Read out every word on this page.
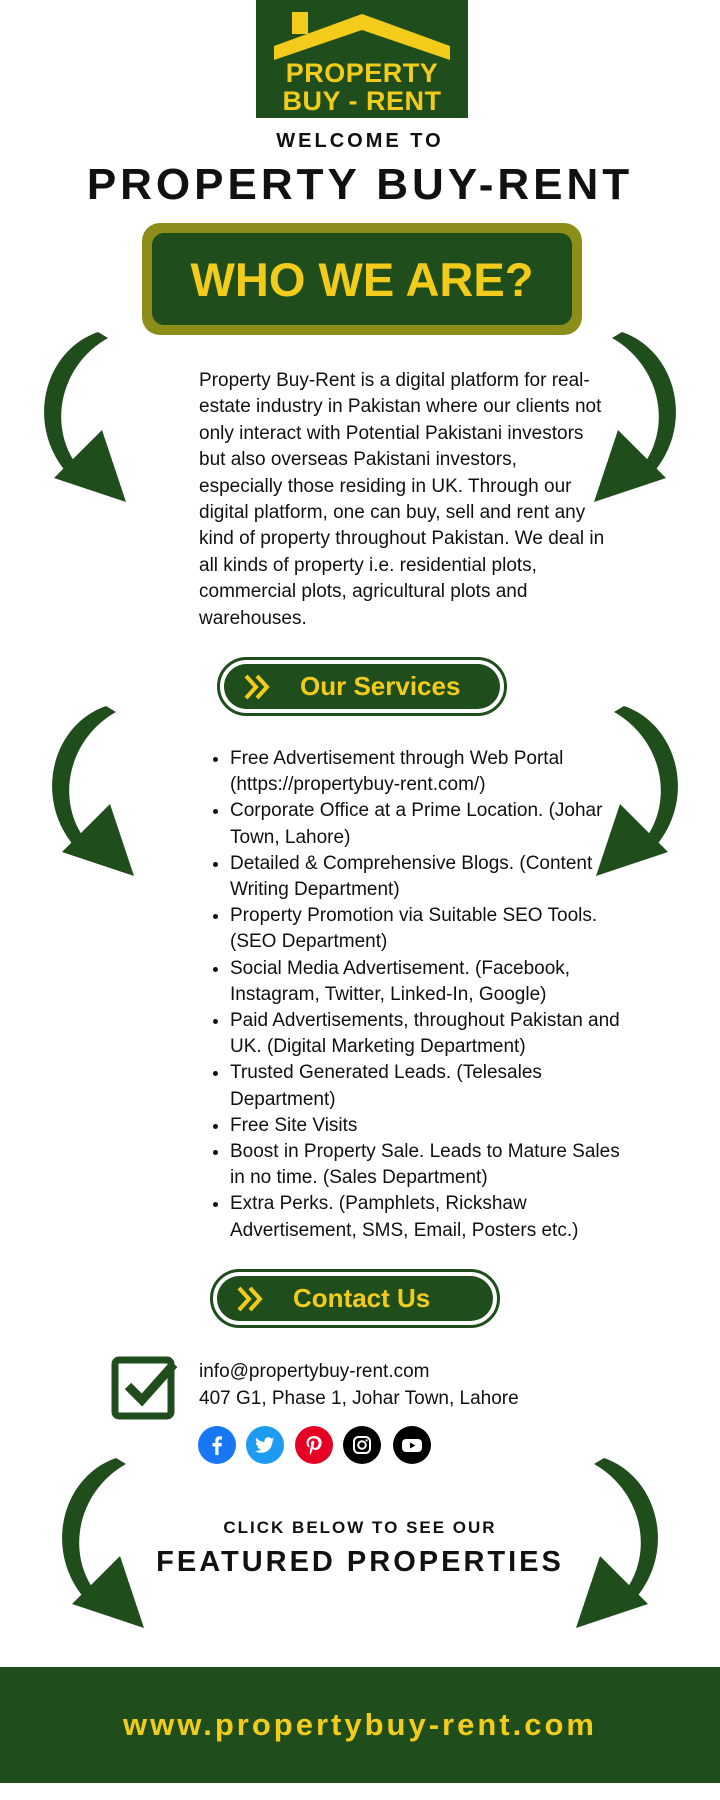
PROPERTY
BUY - RENT
WELCOME TO
PROPERTY BUY-RENT
WHO WE ARE?
Property Buy-Rent is a digital platform for real-estate industry in Pakistan where our clients not only interact with Potential Pakistani investors but also overseas Pakistani investors, especially those residing in UK. Through our digital platform, one can buy, sell and rent any kind of property throughout Pakistan. We deal in all kinds of property i.e. residential plots, commercial plots, agricultural plots and warehouses.
Our Services
• Free Advertisement through Web Portal (https://propertybuy-rent.com/)
• Corporate Office at a Prime Location. (Johar Town, Lahore)
• Detailed & Comprehensive Blogs. (Content Writing Department)
• Property Promotion via Suitable SEO Tools. (SEO Department)
• Social Media Advertisement. (Facebook, Instagram, Twitter, Linked-In, Google)
• Paid Advertisements, throughout Pakistan and UK. (Digital Marketing Department)
• Trusted Generated Leads. (Telesales Department)
• Free Site Visits
• Boost in Property Sale. Leads to Mature Sales in no time. (Sales Department)
• Extra Perks. (Pamphlets, Rickshaw Advertisement, SMS, Email, Posters etc.)
Contact Us
info@propertybuy-rent.com
407 G1, Phase 1, Johar Town, Lahore
CLICK BELOW TO SEE OUR
FEATURED PROPERTIES
www.propertybuy-rent.com
